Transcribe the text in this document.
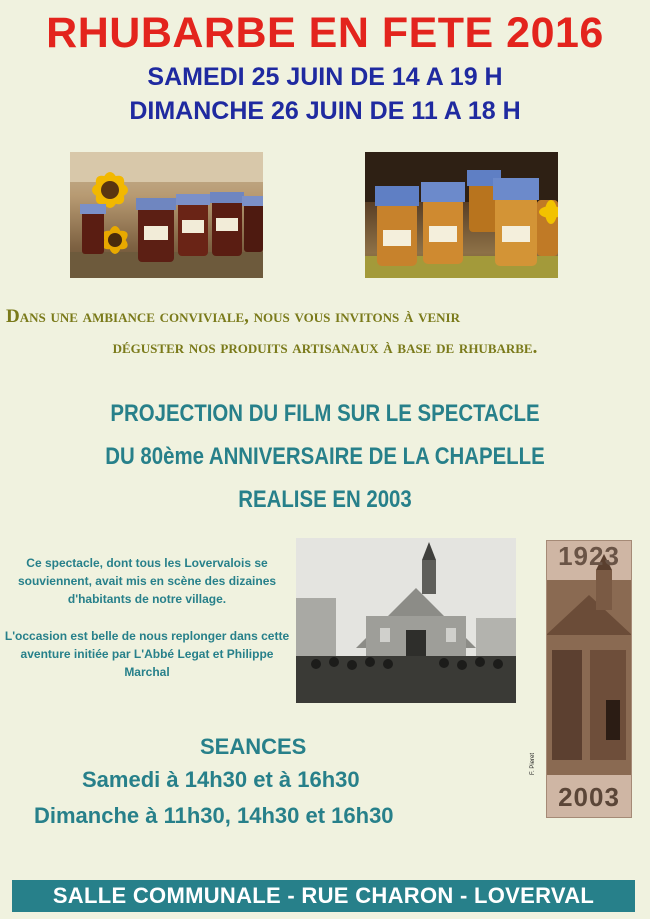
RHUBARBE EN FETE 2016
SAMEDI 25 JUIN DE 14 A 19 H
DIMANCHE 26 JUIN DE 11 A 18 H
Dans une ambiance conviviale, nous vous invitons à venir
déguster nos produits artisanaux à base de rhubarbe.
PROJECTION DU FILM SUR LE SPECTACLE
DU 80ème ANNIVERSAIRE DE LA CHAPELLE
REALISE EN 2003
Ce spectacle, dont tous les Lovervalois se souviennent, avait mis en scène des dizaines d'habitants de notre village.
L'occasion est belle de nous replonger dans cette aventure initiée par L'Abbé Legat et Philippe Marchal
1923
2003
F. Pieret
SEANCES
Samedi à 14h30 et à 16h30
Dimanche à 11h30, 14h30 et 16h30
SALLE COMMUNALE - RUE CHARON - LOVERVAL
